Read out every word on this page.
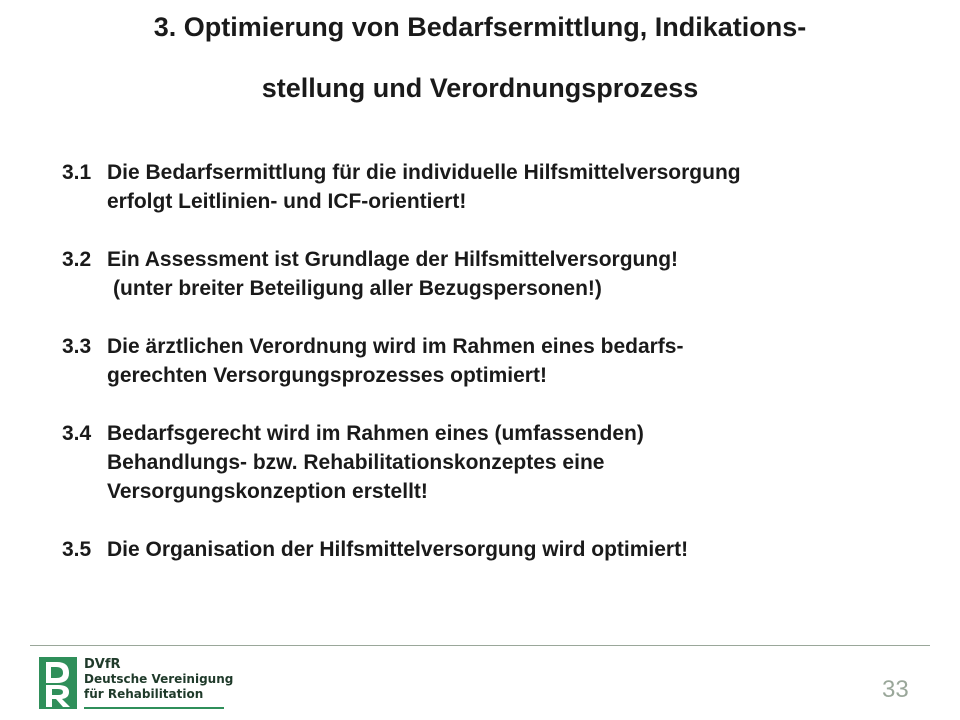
3. Optimierung von Bedarfsermittlung, Indikations-
stellung und Verordnungsprozess
3.1 Die Bedarfsermittlung für die individuelle Hilfsmittelversorgung
erfolgt Leitlinien- und ICF-orientiert!
3.2 Ein Assessment ist Grundlage der Hilfsmittelversorgung!
(unter breiter Beteiligung aller Bezugspersonen!)
3.3 Die ärztlichen Verordnung wird im Rahmen eines bedarfs-
gerechten Versorgungsprozesses optimiert!
3.4 Bedarfsgerecht wird im Rahmen eines (umfassenden)
Behandlungs- bzw. Rehabilitationskonzeptes eine
Versorgungskonzeption erstellt!
3.5 Die Organisation der Hilfsmittelversorgung wird optimiert!
DVfR
Deutsche Vereinigung
für Rehabilitation	33
